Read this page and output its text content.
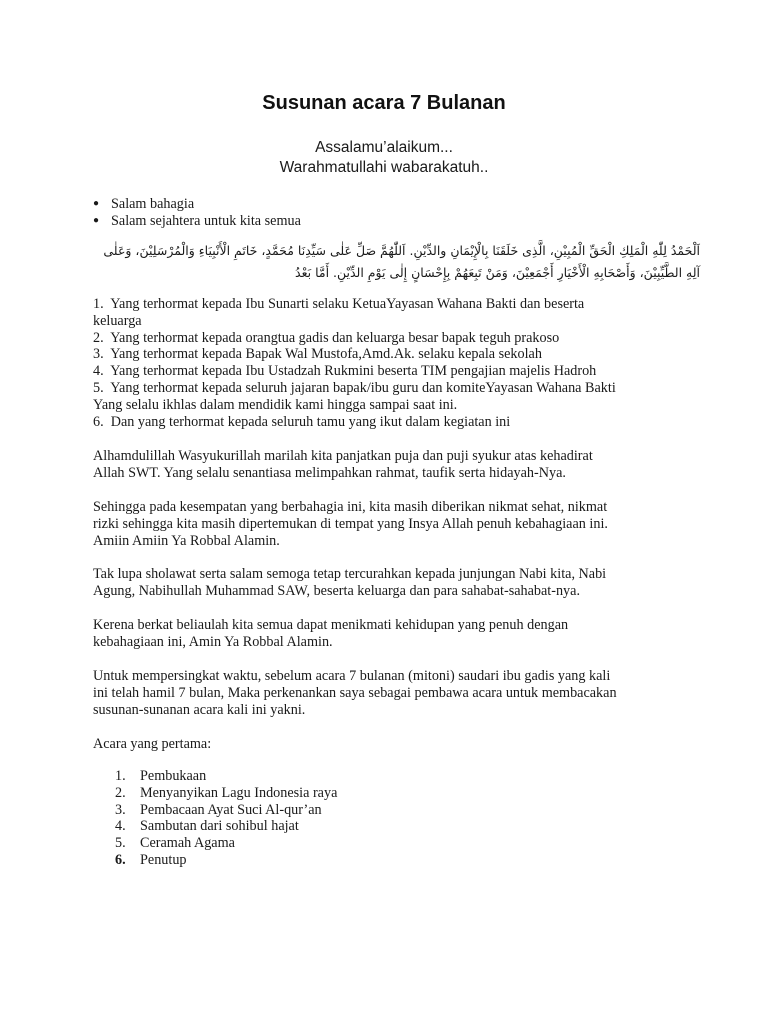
Susunan acara 7 Bulanan
Assalamu’alaikum...
Warahmatullahi wabarakatuh..
● Salam bahagia
● Salam sejahtera untuk kita semua
اَلْحَمْدُ لِلّٰهِ الْمَلِكِ الْحَقِّ الْمُبِيْنِ، الَّذِى خَلَقَنَا بِالْإِيْمَانِ والدِّيْنِ. اَللّٰهُمَّ صَلِّ عَلٰى سَيِّدِنَا مُحَمَّدٍ، خَاتَمِ الْأَنْبِيَاءِ وَالْمُرْسَلِيْنَ، وَعَلٰى آلِهِ الطَّيِّبِيْنَ، وَأَصْحَابِهِ الْأَخْيَارِ أَجْمَعِيْنَ، وَمَنْ تَبِعَهُمْ بِإِحْسَانٍ إِلٰى يَوْمِ الدِّيْنِ. أَمَّا بَعْدُ

1. Yang terhormat kepada Ibu Sunarti selaku KetuaYayasan Wahana Bakti dan beserta

keluarga

2. Yang terhormat kepada orangtua gadis dan keluarga besar bapak teguh prakoso

3. Yang terhormat kepada Bapak Wal Mustofa,Amd.Ak. selaku kepala sekolah

4. Yang terhormat kepada Ibu Ustadzah Rukmini beserta TIM pengajian majelis Hadroh

5. Yang terhormat kepada seluruh jajaran bapak/ibu guru dan komiteYayasan Wahana Bakti

Yang selalu ikhlas dalam mendidik kami hingga sampai saat ini.

6. Dan yang terhormat kepada seluruh tamu yang ikut dalam kegiatan ini

Alhamdulillah Wasyukurillah marilah kita panjatkan puja dan puji syukur atas kehadirat
Allah SWT. Yang selalu senantiasa melimpahkan rahmat, taufik serta hidayah-Nya.
Sehingga pada kesempatan yang berbahagia ini, kita masih diberikan nikmat sehat, nikmat
rizki sehingga kita masih dipertemukan di tempat yang Insya Allah penuh kebahagiaan ini.
Amiin Amiin Ya Robbal Alamin.
Tak lupa sholawat serta salam semoga tetap tercurahkan kepada junjungan Nabi kita, Nabi
Agung, Nabihullah Muhammad SAW, beserta keluarga dan para sahabat-sahabat-nya.
Kerena berkat beliaulah kita semua dapat menikmati kehidupan yang penuh dengan
kebahagiaan ini, Amin Ya Robbal Alamin.
Untuk mempersingkat waktu, sebelum acara 7 bulanan (mitoni) saudari ibu gadis yang kali
ini telah hamil 7 bulan, Maka perkenankan saya sebagai pembawa acara untuk membacakan
susunan-sunanan acara kali ini yakni.
Acara yang pertama:
1. Pembukaan
2. Menyanyikan Lagu Indonesia raya
3. Pembacaan Ayat Suci Al-qur’an
4. Sambutan dari sohibul hajat
5. Ceramah Agama
6. Penutup
